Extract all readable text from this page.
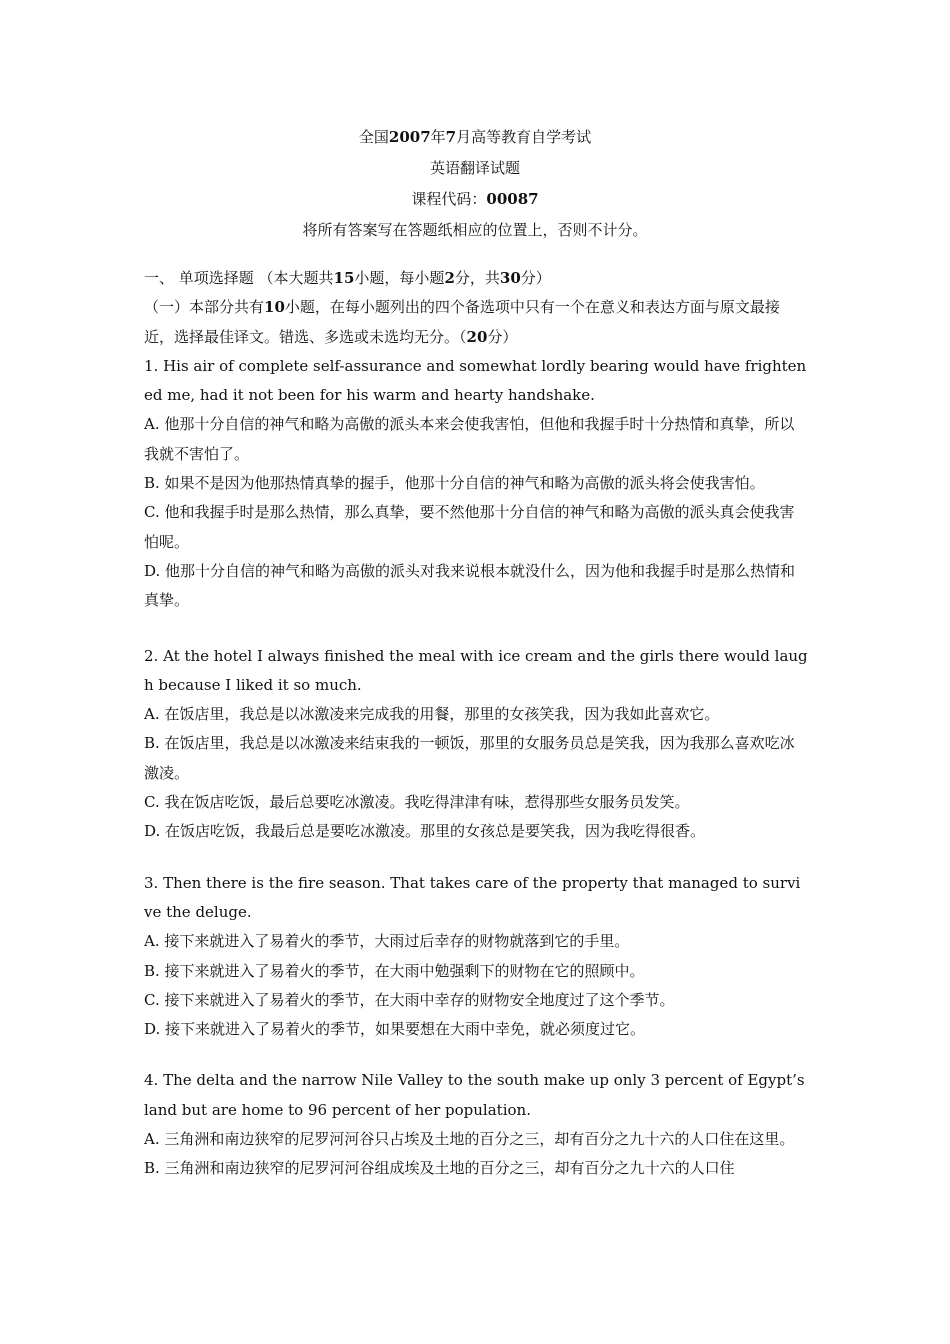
全国2007年7月高等教育自学考试
英语翻译试题
课程代码：00087
将所有答案写在答题纸相应的位置上，否则不计分。
一、 单项选择题 （本大题共15小题，每小题2分，共30分）
（一）本部分共有10小题，在每小题列出的四个备选项中只有一个在意义和表达方面与原文最接近，选择最佳译文。错选、多选或未选均无分。（20分）
1. His air of complete self-assurance and somewhat lordly bearing would have frightened me, had it not been for his warm and hearty handshake.
A. 他那十分自信的神气和略为高傲的派头本来会使我害怕，但他和我握手时十分热情和真挚，所以我就不害怕了。
B. 如果不是因为他那热情真挚的握手，他那十分自信的神气和略为高傲的派头将会使我害怕。
C. 他和我握手时是那么热情，那么真挚，要不然他那十分自信的神气和略为高傲的派头真会使我害怕呢。
D. 他那十分自信的神气和略为高傲的派头对我来说根本就没什么，因为他和我握手时是那么热情和真挚。
2. At the hotel I always finished the meal with ice cream and the girls there would laugh because I liked it so much.
A. 在饭店里，我总是以冰激凌来完成我的用餐，那里的女孩笑我，因为我如此喜欢它。
B. 在饭店里，我总是以冰激凌来结束我的一顿饭，那里的女服务员总是笑我，因为我那么喜欢吃冰激凌。
C. 我在饭店吃饭，最后总要吃冰激凌。我吃得津津有味，惹得那些女服务员发笑。
D. 在饭店吃饭，我最后总是要吃冰激凌。那里的女孩总是要笑我，因为我吃得很香。
3. Then there is the fire season. That takes care of the property that managed to survive the deluge.
A. 接下来就进入了易着火的季节，大雨过后幸存的财物就落到它的手里。
B. 接下来就进入了易着火的季节，在大雨中勉强剩下的财物在它的照顾中。
C. 接下来就进入了易着火的季节，在大雨中幸存的财物安全地度过了这个季节。
D. 接下来就进入了易着火的季节，如果要想在大雨中幸免，就必须度过它。
4. The delta and the narrow Nile Valley to the south make up only 3 percent of Egypt’s land but are home to 96 percent of her population.
A. 三角洲和南边狭窄的尼罗河河谷只占埃及土地的百分之三，却有百分之九十六的人口住在这里。
B. 三角洲和南边狭窄的尼罗河河谷组成埃及土地的百分之三，却有百分之九十六的人口住
